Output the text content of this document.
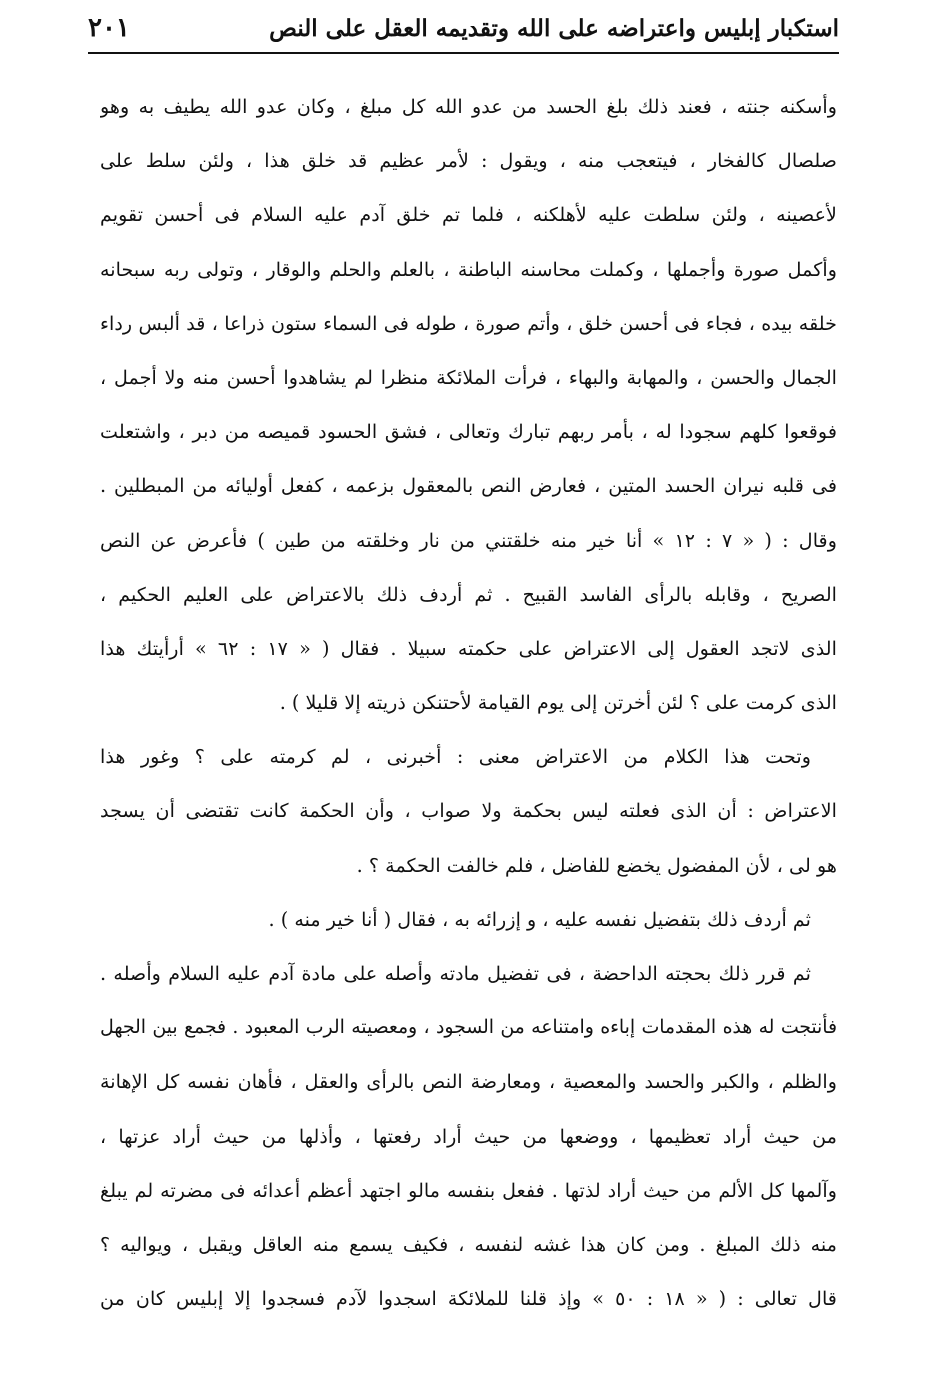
استكبار إبليس واعتراضه على الله وتقديمه العقل على النص
٢٠١
وأسكنه جنته ، فعند ذلك بلغ الحسد من عدو الله كل مبلغ ، وكان عدو الله يطيف به وهو
صلصال كالفخار ، فيتعجب منه ، ويقول : لأمر عظيم قد خلق هذا ، ولئن سلط على
لأعصينه ، ولئن سلطت عليه لأهلكنه ، فلما تم خلق آدم عليه السلام فى أحسن تقويم
وأكمل صورة وأجملها ، وكملت محاسنه الباطنة ، بالعلم والحلم والوقار ، وتولى ربه سبحانه
خلقه بيده ، فجاء فى أحسن خلق ، وأتم صورة ، طوله فى السماء ستون ذراعا ، قد ألبس رداء
الجمال والحسن ، والمهابة والبهاء ، فرأت الملائكة منظرا لم يشاهدوا أحسن منه ولا أجمل ،
فوقعوا كلهم سجودا له ، بأمر ربهم تبارك وتعالى ، فشق الحسود قميصه من دبر ، واشتعلت
فى قلبه نيران الحسد المتين ، فعارض النص بالمعقول بزعمه ، كفعل أوليائه من المبطلين .
وقال : ( « ٧ : ١٢ » أنا خير منه خلقتني من نار وخلقته من طين ) فأعرض عن النص
الصريح ، وقابله بالرأى الفاسد القبيح . ثم أردف ذلك بالاعتراض على العليم الحكيم ،
الذى لاتجد العقول إلى الاعتراض على حكمته سبيلا . فقال ( « ١٧ : ٦٢ » أرأيتك هذا
الذى كرمت على ؟ لئن أخرتن إلى يوم القيامة لأحتنكن ذريته إلا قليلا ) .
وتحت هذا الكلام من الاعتراض معنى : أخبرنى ، لم كرمته على ؟ وغور هذا
الاعتراض : أن الذى فعلته ليس بحكمة ولا صواب ، وأن الحكمة كانت تقتضى أن يسجد
هو لى ، لأن المفضول يخضع للفاضل ، فلم خالفت الحكمة ؟ .
ثم أردف ذلك بتفضيل نفسه عليه ، و إزرائه به ، فقال ( أنا خير منه ) .
ثم قرر ذلك بحجته الداحضة ، فى تفضيل مادته وأصله على مادة آدم عليه السلام وأصله .
فأنتجت له هذه المقدمات إباءه وامتناعه من السجود ، ومعصيته الرب المعبود . فجمع بين الجهل
والظلم ، والكبر والحسد والمعصية ، ومعارضة النص بالرأى والعقل ، فأهان نفسه كل الإهانة
من حيث أراد تعظيمها ، ووضعها من حيث أراد رفعتها ، وأذلها من حيث أراد عزتها ،
وآلمها كل الألم من حيث أراد لذتها . ففعل بنفسه مالو اجتهد أعظم أعدائه فى مضرته لم يبلغ
منه ذلك المبلغ . ومن كان هذا غشه لنفسه ، فكيف يسمع منه العاقل ويقبل ، ويواليه ؟
قال تعالى : ( « ١٨ : ٥٠ » وإذ قلنا للملائكة اسجدوا لآدم فسجدوا إلا إبليس كان من
